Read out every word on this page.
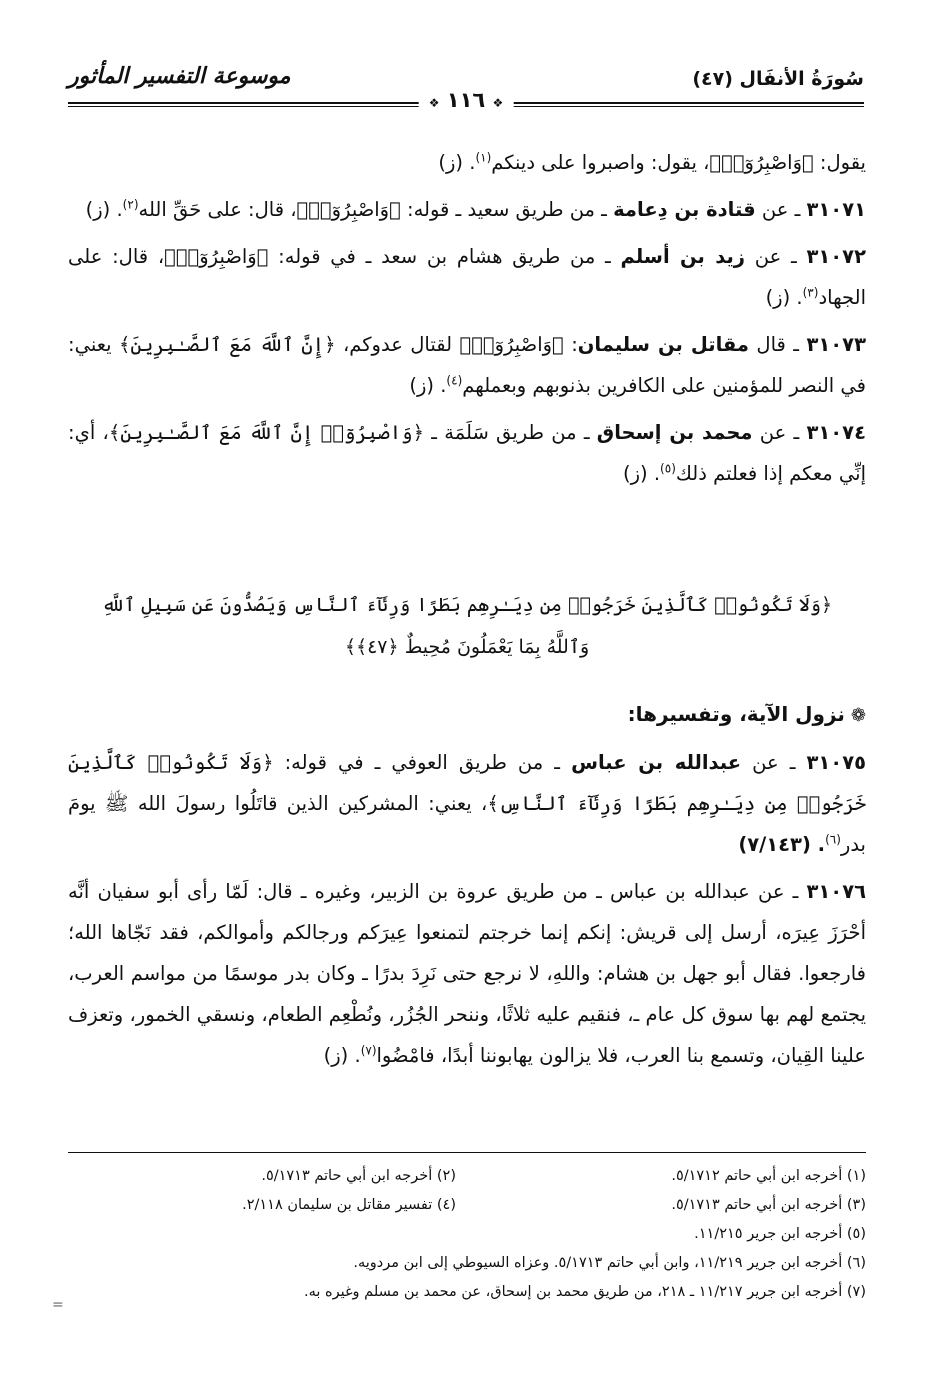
سُورَةُ الأنفَال (٤٧)
موسوعة التفسير المأثور
❖ ١١٦ ❖

يقول: ﴿وَاصْبِرُوٓا۟﴾، يقول: واصبروا على دينكم$^{(١)}$. (ز)

٣١٠٧١ ـ عن قتادة بن دِعامة ـ من طريق سعيد ـ قوله: ﴿وَاصْبِرُوٓا۟﴾، قال: على حَقِّ الله$^{(٢)}$. (ز)

٣١٠٧٢ ـ عن زيد بن أسلم ـ من طريق هشام بن سعد ـ في قوله: ﴿وَاصْبِرُوٓا۟﴾، قال: على الجهاد$^{(٣)}$. (ز)

٣١٠٧٣ ـ قال مقاتل بن سليمان: ﴿وَاصْبِرُوٓا۟﴾ لقتال عدوكم، ﴿إِنَّ ٱللَّهَ مَعَ ٱلصَّـٰبِرِينَ﴾ يعني: في النصر للمؤمنين على الكافرين بذنوبهم وبعملهم$^{(٤)}$. (ز)

٣١٠٧٤ ـ عن محمد بن إسحاق ـ من طريق سَلَمَة ـ ﴿وَاصْبِرُوٓا۟ إِنَّ ٱللَّهَ مَعَ ٱلصَّـٰبِرِينَ﴾، أي: إنِّي معكم إذا فعلتم ذلك$^{(٥)}$. (ز)

﴿وَلَا تَكُونُوا۟ كَٱلَّذِينَ خَرَجُوا۟ مِن دِيَـٰرِهِم بَطَرًا وَرِئَآءَ ٱلنَّاسِ وَيَصُدُّونَ عَن سَبِيلِ ٱللَّهِ
وَٱللَّهُ بِمَا يَعْمَلُونَ مُحِيطٌ ﴿٤٧﴾﴾
❁نزول الآية، وتفسيرها:

٣١٠٧٥ ـ عن عبدالله بن عباس ـ من طريق العوفي ـ في قوله: ﴿وَلَا تَكُونُوا۟ كَٱلَّذِينَ خَرَجُوا۟ مِن دِيَـٰرِهِم بَطَرًا وَرِئَآءَ ٱلنَّاسِ﴾، يعني: المشركين الذين قاتَلُوا رسولَ الله ﷺ يومَ بدر$^{(٦)}$. (٧/١٤٣)

٣١٠٧٦ ـ عن عبدالله بن عباس ـ من طريق عروة بن الزبير، وغيره ـ قال: لَمّا رأى أبو سفيان أنَّه أحْرَزَ عِيرَه، أرسل إلى قريش: إنكم إنما خرجتم لتمنعوا عِيرَكم ورجالكم وأموالكم، فقد نَجّاها الله؛ فارجعوا. فقال أبو جهل بن هشام: واللهِ، لا نرجع حتى نَرِدَ بدرًا ـ وكان بدر موسمًا من مواسم العرب، يجتمع لهم بها سوق كل عام ـ، فنقيم عليه ثلاثًا، وننحر الجُزُر، ونُطْعِم الطعام، ونسقي الخمور، وتعزف علينا القِيان، وتسمع بنا العرب، فلا يزالون يهابوننا أبدًا، فامْضُوا$^{(٧)}$. (ز)

(١) أخرجه ابن أبي حاتم ٥/١٧١٢.
(٢) أخرجه ابن أبي حاتم ٥/١٧١٣.
(٣) أخرجه ابن أبي حاتم ٥/١٧١٣.
(٤) تفسير مقاتل بن سليمان ٢/١١٨.
(٥) أخرجه ابن جرير ١١/٢١٥.
(٦) أخرجه ابن جرير ١١/٢١٩، وابن أبي حاتم ٥/١٧١٣. وعزاه السيوطي إلى ابن مردويه.
(٧) أخرجه ابن جرير ١١/٢١٧ ـ ٢١٨، من طريق محمد بن إسحاق، عن محمد بن مسلم وغيره به.
=
